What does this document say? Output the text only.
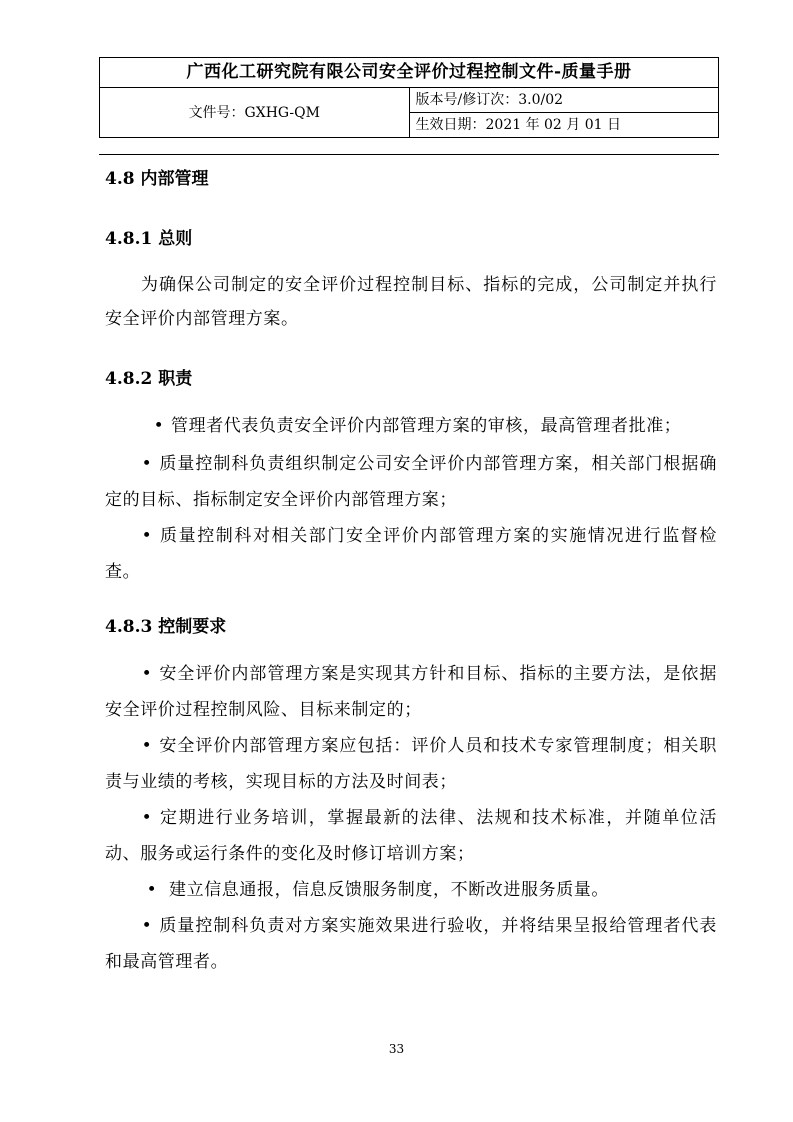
广西化工研究院有限公司安全评价过程控制文件-质量手册
文件号：GXHG-QM	版本号/修订次：3.0/02
生效日期：2021 年 02 月 01 日
4.8 内部管理
4.8.1 总则

为确保公司制定的安全评价过程控制目标、指标的完成，公司制定并执行安全评价内部管理方案。

4.8.2 职责

• 管理者代表负责安全评价内部管理方案的审核，最高管理者批准；

• 质量控制科负责组织制定公司安全评价内部管理方案，相关部门根据确定的目标、指标制定安全评价内部管理方案；

• 质量控制科对相关部门安全评价内部管理方案的实施情况进行监督检查。

4.8.3 控制要求

• 安全评价内部管理方案是实现其方针和目标、指标的主要方法，是依据安全评价过程控制风险、目标来制定的；

• 安全评价内部管理方案应包括：评价人员和技术专家管理制度；相关职责与业绩的考核，实现目标的方法及时间表；

• 定期进行业务培训，掌握最新的法律、法规和技术标准，并随单位活动、服务或运行条件的变化及时修订培训方案；

• 建立信息通报，信息反馈服务制度，不断改进服务质量。

• 质量控制科负责对方案实施效果进行验收，并将结果呈报给管理者代表和最高管理者。

33
